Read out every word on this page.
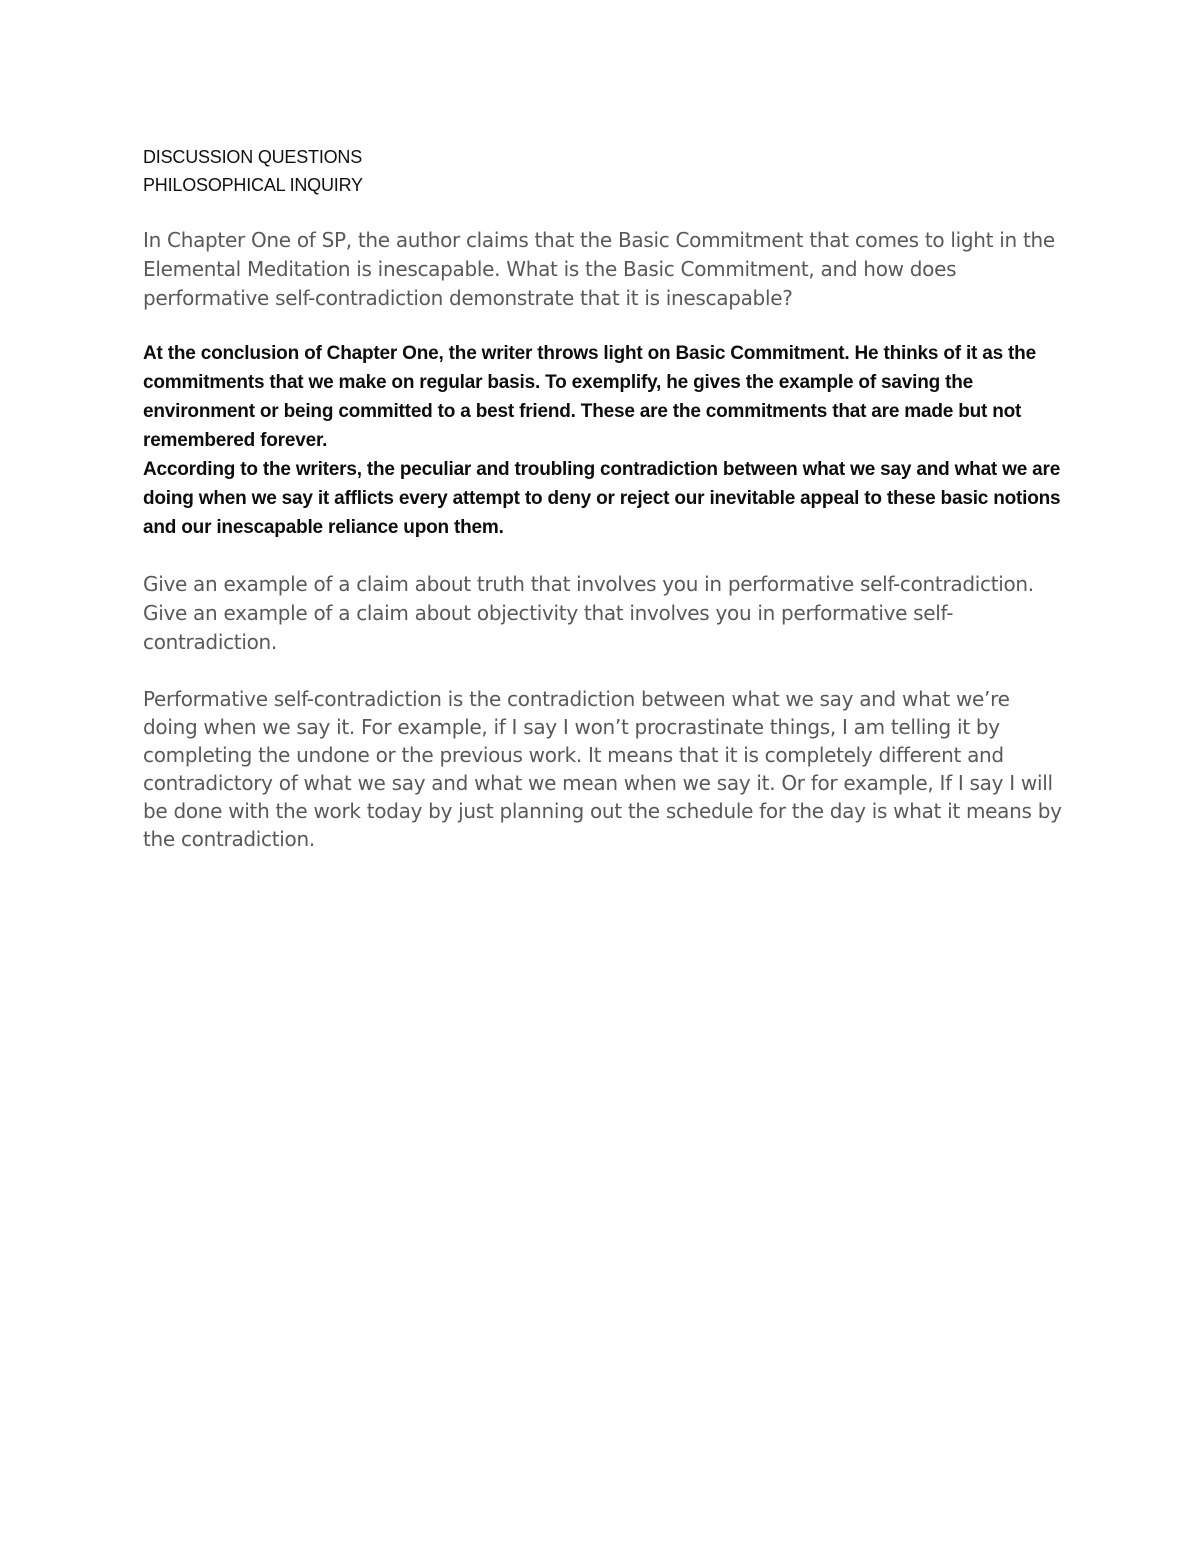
DISCUSSION QUESTIONS

PHILOSOPHICAL INQUIRY

In Chapter One of SP, the author claims that the Basic Commitment that comes to light in the Elemental Meditation is inescapable. What is the Basic Commitment, and how does performative self-contradiction demonstrate that it is inescapable?

At the conclusion of Chapter One, the writer throws light on Basic Commitment. He thinks of it as the commitments that we make on regular basis. To exemplify, he gives the example of saving the environment or being committed to a best friend. These are the commitments that are made but not remembered forever.

According to the writers, the peculiar and troubling contradiction between what we say and what we are doing when we say it afflicts every attempt to deny or reject our inevitable appeal to these basic notions and our inescapable reliance upon them.

Give an example of a claim about truth that involves you in performative self-contradiction. Give an example of a claim about objectivity that involves you in performative self-contradiction.

Performative self-contradiction is the contradiction between what we say and what we’re doing when we say it. For example, if I say I won’t procrastinate things, I am telling it by completing the undone or the previous work. It means that it is completely different and contradictory of what we say and what we mean when we say it. Or for example, If I say I will be done with the work today by just planning out the schedule for the day is what it means by the contradiction.
